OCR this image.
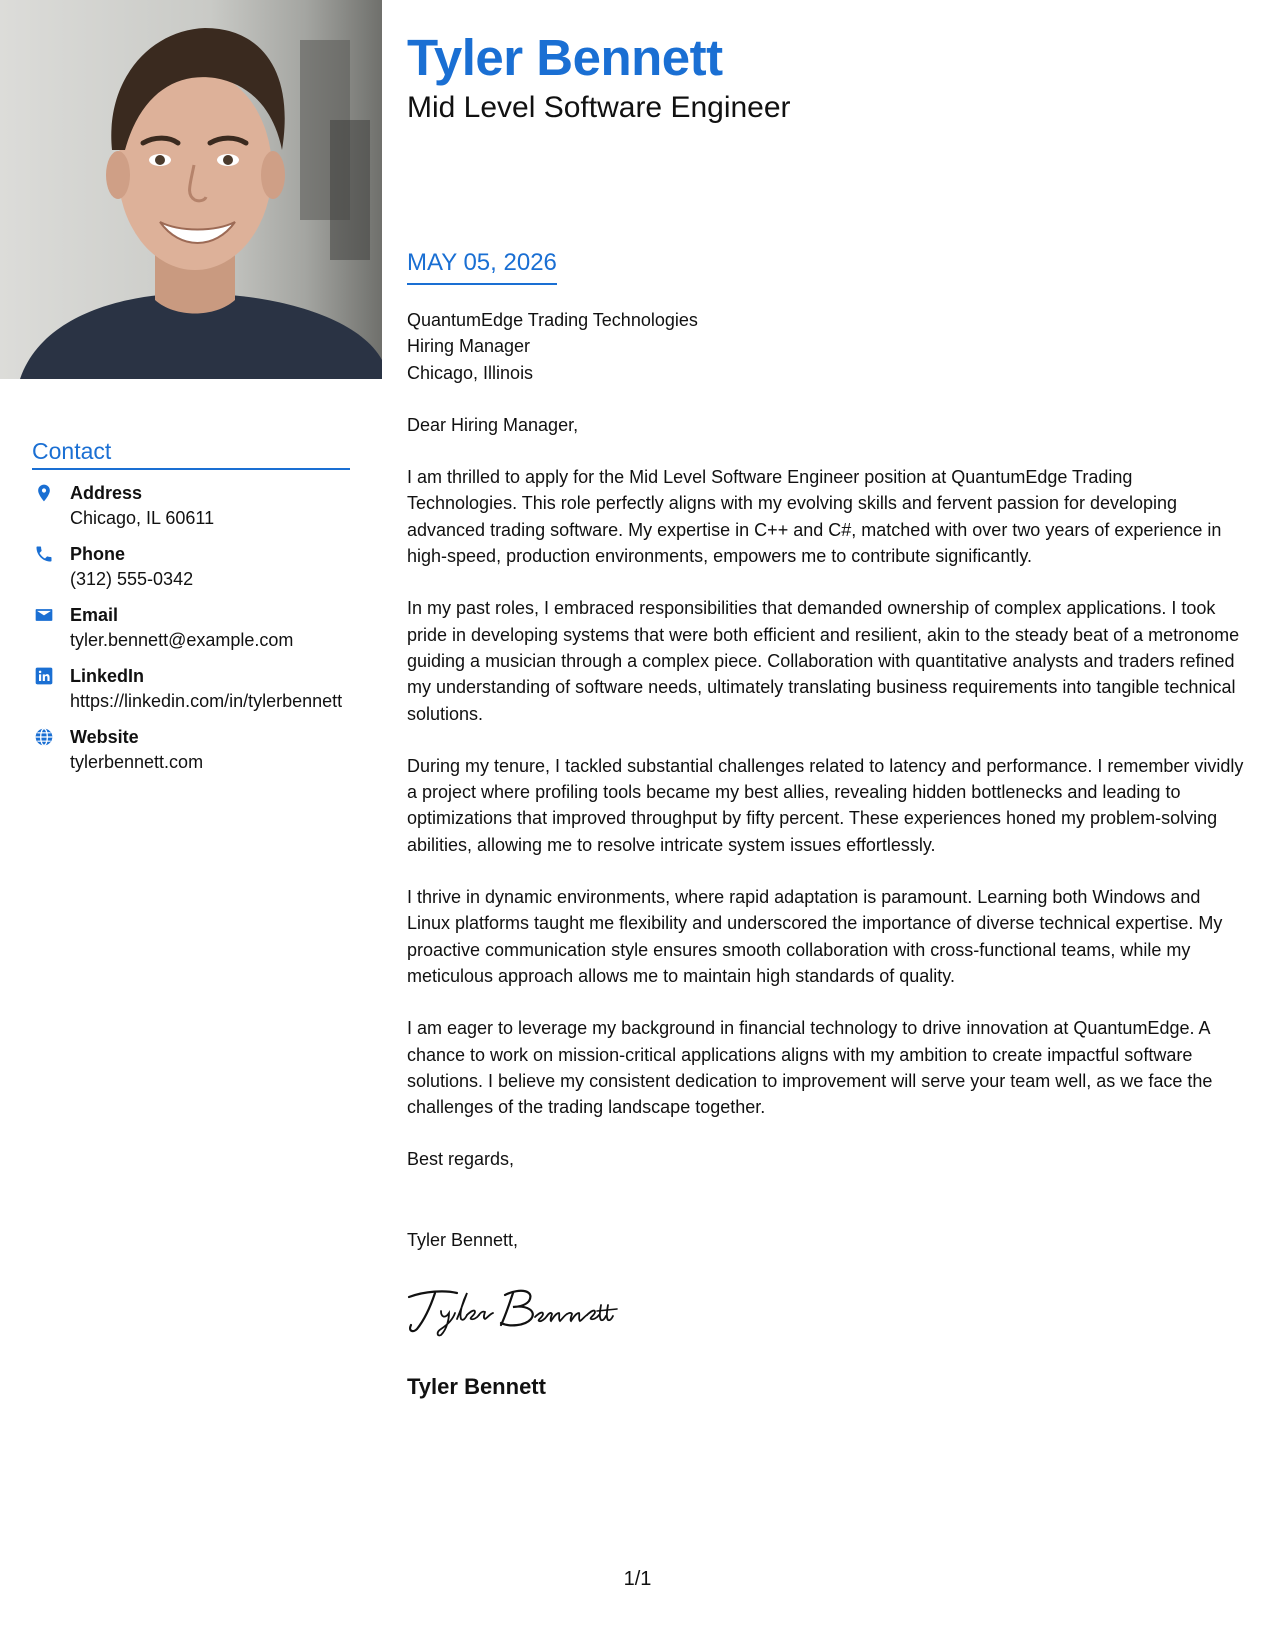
Contact
Address
Chicago, IL 60611
Phone
(312) 555-0342
Email
tyler.bennett@example.com
LinkedIn
https://linkedin.com/in/tylerbennett
Website
tylerbennett.com
Tyler Bennett
Mid Level Software Engineer
MAY 05, 2026

QuantumEdge Trading Technologies
Hiring Manager
Chicago, Illinois

Dear Hiring Manager,

I am thrilled to apply for the Mid Level Software Engineer position at QuantumEdge Trading Technologies. This role perfectly aligns with my evolving skills and fervent passion for developing advanced trading software. My expertise in C++ and C#, matched with over two years of experience in high-speed, production environments, empowers me to contribute significantly.

In my past roles, I embraced responsibilities that demanded ownership of complex applications. I took pride in developing systems that were both efficient and resilient, akin to the steady beat of a metronome guiding a musician through a complex piece. Collaboration with quantitative analysts and traders refined my understanding of software needs, ultimately translating business requirements into tangible technical solutions.

During my tenure, I tackled substantial challenges related to latency and performance. I remember vividly a project where profiling tools became my best allies, revealing hidden bottlenecks and leading to optimizations that improved throughput by fifty percent. These experiences honed my problem-solving abilities, allowing me to resolve intricate system issues effortlessly.

I thrive in dynamic environments, where rapid adaptation is paramount. Learning both Windows and Linux platforms taught me flexibility and underscored the importance of diverse technical expertise. My proactive communication style ensures smooth collaboration with cross-functional teams, while my meticulous approach allows me to maintain high standards of quality.

I am eager to leverage my background in financial technology to drive innovation at QuantumEdge. A chance to work on mission-critical applications aligns with my ambition to create impactful software solutions. I believe my consistent dedication to improvement will serve your team well, as we face the challenges of the trading landscape together.

Best regards,

Tyler Bennett,
Tyler Bennett
1/1
